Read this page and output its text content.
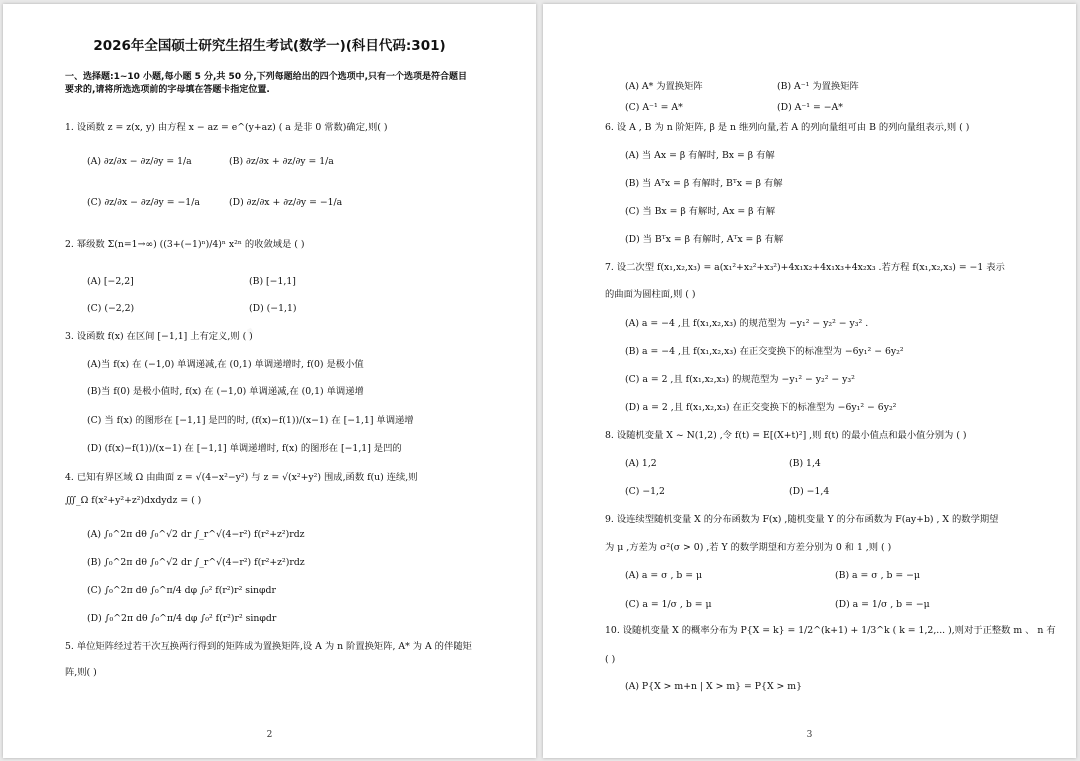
2026年全国硕士研究生招生考试(数学一)(科目代码:301)
一、选择题:1~10 小题,每小题 5 分,共 50 分,下列每题给出的四个选项中,只有一个选项是符合题目
要求的,请将所选选项前的字母填在答题卡指定位置.
1. 设函数 z = z(x, y) 由方程 x − az = e^(y+az) ( a 是非 0 常数)确定,则( )
(A) ∂z/∂x − ∂z/∂y = 1/a	(B) ∂z/∂x + ∂z/∂y = 1/a
(C) ∂z/∂x − ∂z/∂y = −1/a	(D) ∂z/∂x + ∂z/∂y = −1/a
2. 幂级数 Σ(n=1→∞) ((3+(−1)ⁿ)/4)ⁿ x²ⁿ 的收敛域是 ( )
(A) [−2,2]	(B) [−1,1]
(C) (−2,2)	(D) (−1,1)
3. 设函数 f(x) 在区间 [−1,1] 上有定义,则 ( )
(A)当 f(x) 在 (−1,0) 单调递减,在 (0,1) 单调递增时, f(0) 是极小值
(B)当 f(0) 是极小值时, f(x) 在 (−1,0) 单调递减,在 (0,1) 单调递增
(C) 当 f(x) 的图形在 [−1,1] 是凹的时, (f(x)−f(1))/(x−1) 在 [−1,1] 单调递增
(D) (f(x)−f(1))/(x−1) 在 [−1,1] 单调递增时, f(x) 的图形在 [−1,1] 是凹的
4. 已知有界区域 Ω 由曲面 z = √(4−x²−y²) 与 z = √(x²+y²) 围成,函数 f(u) 连续,则
∭_Ω f(x²+y²+z²)dxdydz = ( )
(A) ∫₀^2π dθ ∫₀^√2 dr ∫_r^√(4−r²) f(r²+z²)rdz
(B) ∫₀^2π dθ ∫₀^√2 dr ∫_r^√(4−r²) f(r²+z²)rdz
(C) ∫₀^2π dθ ∫₀^π/4 dφ ∫₀² f(r²)r² sinφdr
(D) ∫₀^2π dθ ∫₀^π/4 dφ ∫₀² f(r²)r² sinφdr
5. 单位矩阵经过若干次互换两行得到的矩阵成为置换矩阵,设 A 为 n 阶置换矩阵, A* 为 A 的伴随矩
阵,则( )
2
(A) A* 为置换矩阵	(B) A⁻¹ 为置换矩阵
(C) A⁻¹ = A*	(D) A⁻¹ = −A*
6. 设 A , B 为 n 阶矩阵, β 是 n 维列向量,若 A 的列向量组可由 B 的列向量组表示,则 ( )
(A) 当 Ax = β 有解时, Bx = β 有解
(B) 当 Aᵀx = β 有解时, Bᵀx = β 有解
(C) 当 Bx = β 有解时, Ax = β 有解
(D) 当 Bᵀx = β 有解时, Aᵀx = β 有解
7. 设二次型 f(x₁,x₂,x₃) = a(x₁²+x₂²+x₃²)+4x₁x₂+4x₁x₃+4x₂x₃ .若方程 f(x₁,x₂,x₃) = −1 表示
的曲面为圆柱面,则 ( )
(A) a = −4 ,且 f(x₁,x₂,x₃) 的规范型为 −y₁² − y₂² − y₃² .
(B) a = −4 ,且 f(x₁,x₂,x₃) 在正交变换下的标准型为 −6y₁² − 6y₂²
(C) a = 2 ,且 f(x₁,x₂,x₃) 的规范型为 −y₁² − y₂² − y₃²
(D) a = 2 ,且 f(x₁,x₂,x₃) 在正交变换下的标准型为 −6y₁² − 6y₂²
8. 设随机变量 X ~ N(1,2) ,令 f(t) = E[(X+t)²] ,则 f(t) 的最小值点和最小值分别为 ( )
(A) 1,2	(B) 1,4
(C) −1,2	(D) −1,4
9. 设连续型随机变量 X 的分布函数为 F(x) ,随机变量 Y 的分布函数为 F(ay+b) , X 的数学期望
为 μ ,方差为 σ²(σ > 0) ,若 Y 的数学期望和方差分别为 0 和 1 ,则 ( )
(A) a = σ , b = μ	(B) a = σ , b = −μ
(C) a = 1/σ , b = μ	(D) a = 1/σ , b = −μ
10. 设随机变量 X 的概率分布为 P{X = k} = 1/2^(k+1) + 1/3^k ( k = 1,2,... ),则对于正整数 m 、 n 有
( )
(A) P{X > m+n | X > m} = P{X > m}
3
